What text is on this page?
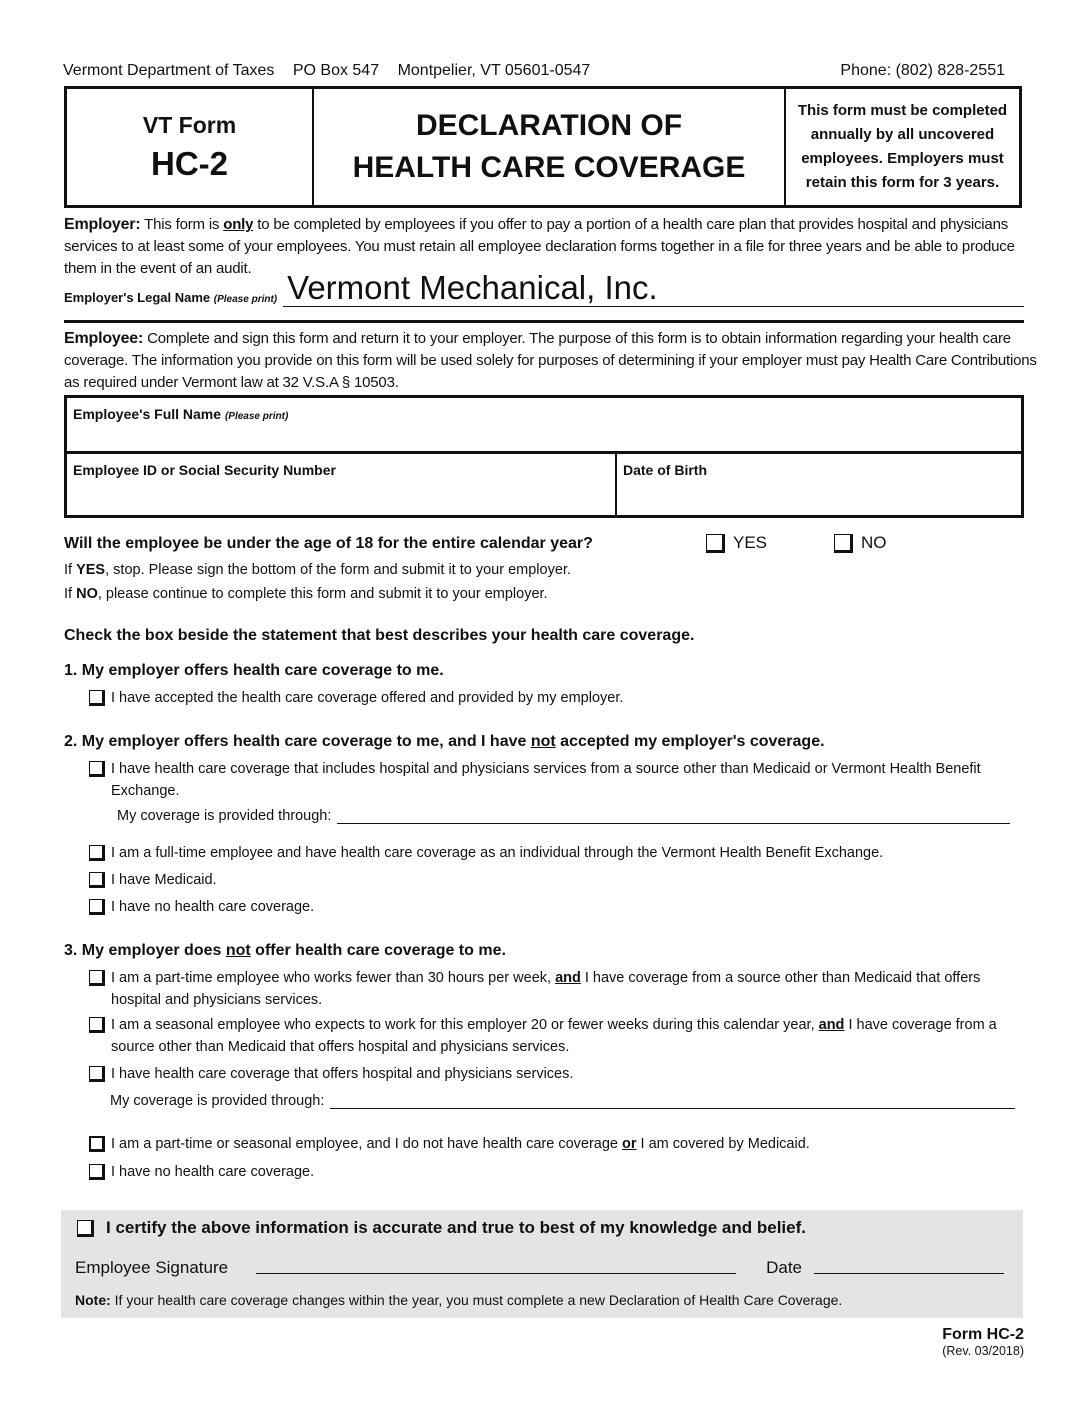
Vermont Department of Taxes PO Box 547 Montpelier, VT 05601-0547	Phone: (802) 828-2551
VT Form
HC-2
DECLARATION OF
HEALTH CARE COVERAGE
This form must be completed annually by all uncovered employees. Employers must retain this form for 3 years.
Employer: This form is only to be completed by employees if you offer to pay a portion of a health care plan that provides hospital and physicians services to at least some of your employees. You must retain all employee declaration forms together in a file for three years and be able to produce them in the event of an audit.
Employer's Legal Name (Please print) Vermont Mechanical, Inc.
Employee: Complete and sign this form and return it to your employer. The purpose of this form is to obtain information regarding your health care coverage. The information you provide on this form will be used solely for purposes of determining if your employer must pay Health Care Contributions as required under Vermont law at 32 V.S.A § 10503.
Employee's Full Name (Please print)
Employee ID or Social Security Number	Date of Birth
Will the employee be under the age of 18 for the entire calendar year?	YES	NO
If YES, stop. Please sign the bottom of the form and submit it to your employer.
If NO, please continue to complete this form and submit it to your employer.
Check the box beside the statement that best describes your health care coverage.
1. My employer offers health care coverage to me.
I have accepted the health care coverage offered and provided by my employer.
2. My employer offers health care coverage to me, and I have not accepted my employer's coverage.
I have health care coverage that includes hospital and physicians services from a source other than Medicaid or Vermont Health Benefit Exchange.
My coverage is provided through:
I am a full-time employee and have health care coverage as an individual through the Vermont Health Benefit Exchange.
I have Medicaid.
I have no health care coverage.
3. My employer does not offer health care coverage to me.
I am a part-time employee who works fewer than 30 hours per week, and I have coverage from a source other than Medicaid that offers hospital and physicians services.
I am a seasonal employee who expects to work for this employer 20 or fewer weeks during this calendar year, and I have coverage from a source other than Medicaid that offers hospital and physicians services.
I have health care coverage that offers hospital and physicians services.
My coverage is provided through:
I am a part-time or seasonal employee, and I do not have health care coverage or I am covered by Medicaid.
I have no health care coverage.
I certify the above information is accurate and true to best of my knowledge and belief.
Employee Signature	Date
Note: If your health care coverage changes within the year, you must complete a new Declaration of Health Care Coverage.
Form HC-2
(Rev. 03/2018)
